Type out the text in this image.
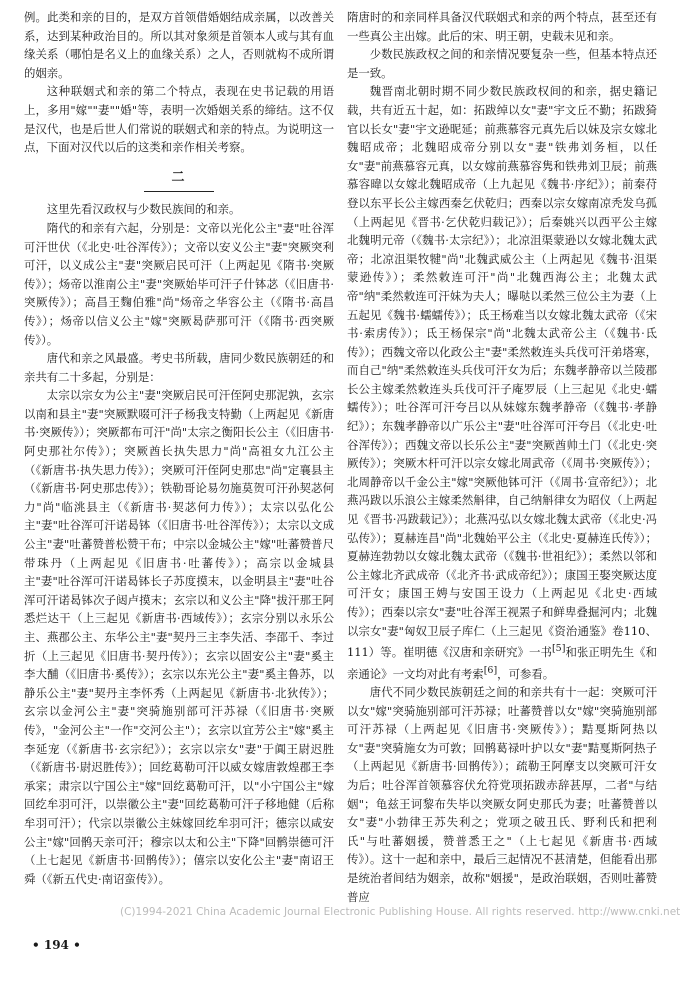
例。此类和亲的目的，是双方首领借婚姻结成亲属，以改善关系，达到某种政治目的。所以其对象须是首领本人或与其有血缘关系（哪怕是名义上的血缘关系）之人，否则就构不成所谓的姻亲。

这种联姻式和亲的第二个特点，表现在史书记载的用语上，多用"嫁""妻""婚"等，表明一次婚姻关系的缔结。这不仅是汉代，也是后世人们常说的联姻式和亲的特点。为说明这一点，下面对汉代以后的这类和亲作相关考察。

二

这里先看汉政权与少数民族间的和亲。

隋代的和亲有六起，分别是：文帝以光化公主"妻"吐谷浑可汗世伏（《北史·吐谷浑传》）；文帝以安义公主"妻"突厥突利可汗，以义成公主"妻"突厥启民可汗（上两起见《隋书·突厥传》）；炀帝以淮南公主"妻"突厥始毕可汗子什钵苾（《旧唐书·突厥传》）；高昌王麴伯雅"尚"炀帝之华容公主（《隋书·高昌传》）；炀帝以信义公主"嫁"突厥曷萨那可汗（《隋书·西突厥传》）。

唐代和亲之风最盛。考史书所载，唐同少数民族朝廷的和亲共有二十多起，分别是：

太宗以宗女为公主"妻"突厥启民可汗侄阿史那泥孰，玄宗以南和县主"妻"突厥默啜可汗子杨我支特勤（上两起见《新唐书·突厥传》）；突厥都布可汗"尚"太宗之衡阳长公主（《旧唐书·阿史那社尔传》）；突厥酋长执失思力"尚"高祖女九江公主（《新唐书·执失思力传》）；突厥可汗侄阿史那忠"尚"定襄县主（《新唐书·阿史那忠传》）；铁勒哥论易勿施莫贺可汗孙契苾何力"尚"临洮县主（《新唐书·契苾何力传》）；太宗以弘化公主"妻"吐谷浑可汗诺曷钵（《旧唐书·吐谷浑传》）；太宗以文成公主"妻"吐蕃赞普松赞干布；中宗以金城公主"嫁"吐蕃赞普尺带珠丹（上两起见《旧唐书·吐蕃传》）；高宗以金城县主"妻"吐谷浑可汗诺曷钵长子苏度摸末，以金明县主"妻"吐谷浑可汗诺曷钵次子闼卢摸末；玄宗以和义公主"降"拔汗那王阿悉烂达干（上三起见《新唐书·西域传》）；玄宗分别以永乐公主、燕郡公主、东华公主"妻"契丹三主李失活、李邵千、李过折（上三起见《旧唐书·契丹传》）；玄宗以固安公主"妻"奚主李大酺（《旧唐书·奚传》）；玄宗以东光公主"妻"奚主鲁苏，以静乐公主"妻"契丹主李怀秀（上两起见《新唐书·北狄传》）；玄宗以金河公主"妻"突骑施别部可汗苏禄（《旧唐书·突厥传》，"金河公主"一作"交河公主"）；玄宗以宜芳公主"嫁"奚主李延宠（《新唐书·玄宗纪》）；玄宗以宗女"妻"于阗王尉迟胜（《新唐书·尉迟胜传》）；回纥葛勒可汗以威女嫁唐敦煌郡王李承寀；肃宗以宁国公主"嫁"回纥葛勒可汗，以"小宁国公主"嫁回纥牟羽可汗，以崇徽公主"妻"回纥葛勒可汗子移地健（后称牟羽可汗）；代宗以崇徽公主妹嫁回纥牟羽可汗；德宗以咸安公主"嫁"回鹘天亲可汗；穆宗以太和公主"下降"回鹘崇德可汗（上七起见《新唐书·回鹘传》）；僖宗以安化公主"妻"南诏王舜（《新五代史·南诏蛮传》）。

隋唐时的和亲同样具备汉代联姻式和亲的两个特点，甚至还有一些真公主出嫁。此后的宋、明王朝，史载未见和亲。

少数民族政权之间的和亲情况要复杂一些，但基本特点还是一致。

魏晋南北朝时期不同少数民族政权间的和亲，据史籍记载，共有近五十起，如：拓跋绰以女"妻"宇文丘不勤；拓跋猗官以长女"妻"宇文逊昵延；前燕慕容元真先后以妹及宗女嫁北魏昭成帝；北魏昭成帝分别以女"妻"铁弗刘务桓，以任女"妻"前燕慕容元真，以女嫁前燕慕容隽和铁弗刘卫辰；前燕慕容暐以女嫁北魏昭成帝（上九起见《魏书·序纪》）；前秦苻登以东平长公主嫁西秦乞伏乾归；西秦以宗女嫁南凉秃发乌孤（上两起见《晋书·乞伏乾归载记》）；后秦姚兴以西平公主嫁北魏明元帝（《魏书·太宗纪》）；北凉沮渠蒙逊以女嫁北魏太武帝；北凉沮渠牧犍"尚"北魏武威公主（上两起见《魏书·沮渠蒙逊传》）；柔然敕连可汗"尚"北魏西海公主；北魏太武帝"纳"柔然敕连可汗妹为夫人；曝哒以柔然三位公主为妻（上五起见《魏书·蠕蠕传》）；氐王杨难当以女嫁北魏太武帝（《宋书·索虏传》）；氐王杨保宗"尚"北魏太武帝公主（《魏书·氐传》）；西魏文帝以化政公主"妻"柔然敕连头兵伐可汗弟塔寒，而自己"纳"柔然敕连头兵伐可汗女为后；东魏孝静帝以兰陵郡长公主嫁柔然敕连头兵伐可汗子庵罗辰（上三起见《北史·蠕蠕传》）；吐谷浑可汗夸吕以从妹嫁东魏孝静帝（《魏书·孝静纪》）；东魏孝静帝以广乐公主"妻"吐谷浑可汗夸吕（《北史·吐谷浑传》）；西魏文帝以长乐公主"妻"突厥酋帅土门（《北史·突厥传》）；突厥木杆可汗以宗女嫁北周武帝（《周书·突厥传》）；北周静帝以千金公主"嫁"突厥他钵可汗（《周书·宣帝纪》）；北燕冯跋以乐浪公主嫁柔然斛律，自己纳斛律女为昭仪（上两起见《晋书·冯跋载记》）；北燕冯弘以女嫁北魏太武帝（《北史·冯弘传》）；夏赫连昌"尚"北魏始平公主（《北史·夏赫连氏传》）；夏赫连勃勃以女嫁北魏太武帝（《魏书·世祖纪》）；柔然以邻和公主嫁北齐武成帝（《北齐书·武成帝纪》）；康国王娶突厥达度可汗女；康国王娉与安国王设力（上两起见《北史·西域传》）；西秦以宗女"妻"吐谷浑王视罴子和鲜卑叠掘河内；北魏以宗女"妻"匈奴卫辰子库仁（上三起见《资治通鉴》卷110、111）等。崔明德《汉唐和亲研究》一书[5]和张正明先生《和亲通论》一文均对此有考索[6]，可参看。

唐代不同少数民族朝廷之间的和亲共有十一起：突厥可汗以女"嫁"突骑施别部可汗苏禄；吐蕃赞普以女"嫁"突骑施别部可汗苏禄（上两起见《旧唐书·突厥传》）；黠戛斯阿热以女"妻"突骑施女为可敦；回鹘葛禄叶护以女"妻"黠戛斯阿热子（上两起见《新唐书·回鹘传》）；疏勒王阿摩支以突厥可汗女为后；吐谷浑首领慕容伏允符党项拓跋赤辞甚厚，二者"与结姻"；龟兹王诃黎布失毕以突厥女阿史那氏为妻；吐蕃赞普以女"妻"小勃律王苏失利之；党项之破丑氏、野利氏和把利氏"与吐蕃姻援，赞普悉王之"（上七起见《新唐书·西域传》）。这十一起和亲中，最后三起情况不甚清楚，但能看出那是统治者间结为姻亲，故称"姻援"，是政治联姻，否则吐蕃赞普应

(C)1994-2021 China Academic Journal Electronic Publishing House. All rights reserved. http://www.cnki.net
• 194 •
